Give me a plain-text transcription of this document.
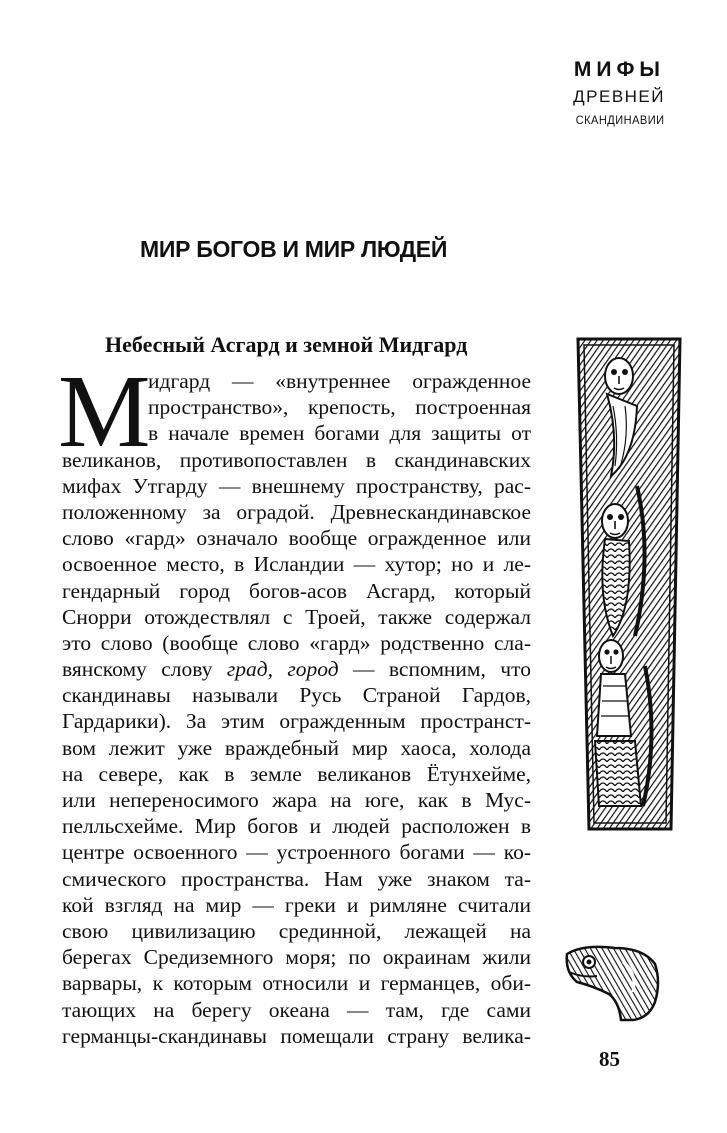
МИФЫ
ДРЕВНЕЙ
СКАНДИНАВИИ
МИР БОГОВ И МИР ЛЮДЕЙ
Небесный Асгард и земной Мидгард
М
идгард — «внутреннее огражденное
пространство», крепость, построенная
в начале времен богами для защиты от
великанов, противопоставлен в скандинавских
мифах Утгарду — внешнему пространству, рас-
положенному за оградой. Древнескандинавское
слово «гард» означало вообще огражденное или
освоенное место, в Исландии — хутор; но и ле-
гендарный город богов-асов Асгард, который
Снорри отождествлял с Троей, также содержал
это слово (вообще слово «гард» родственно сла-
вянскому слову град, город — вспомним, что
скандинавы называли Русь Страной Гардов,
Гардарики). За этим огражденным пространст-
вом лежит уже враждебный мир хаоса, холода
на севере, как в земле великанов Ётунхейме,
или непереносимого жара на юге, как в Мус-
пелльсхейме. Мир богов и людей расположен в
центре освоенного — устроенного богами — ко-
смического пространства. Нам уже знаком та-
кой взгляд на мир — греки и римляне считали
свою цивилизацию срединной, лежащей на
берегах Средиземного моря; по окраинам жили
варвары, к которым относили и германцев, оби-
тающих на берегу океана — там, где сами
германцы-скандинавы помещали страну велика-
85
